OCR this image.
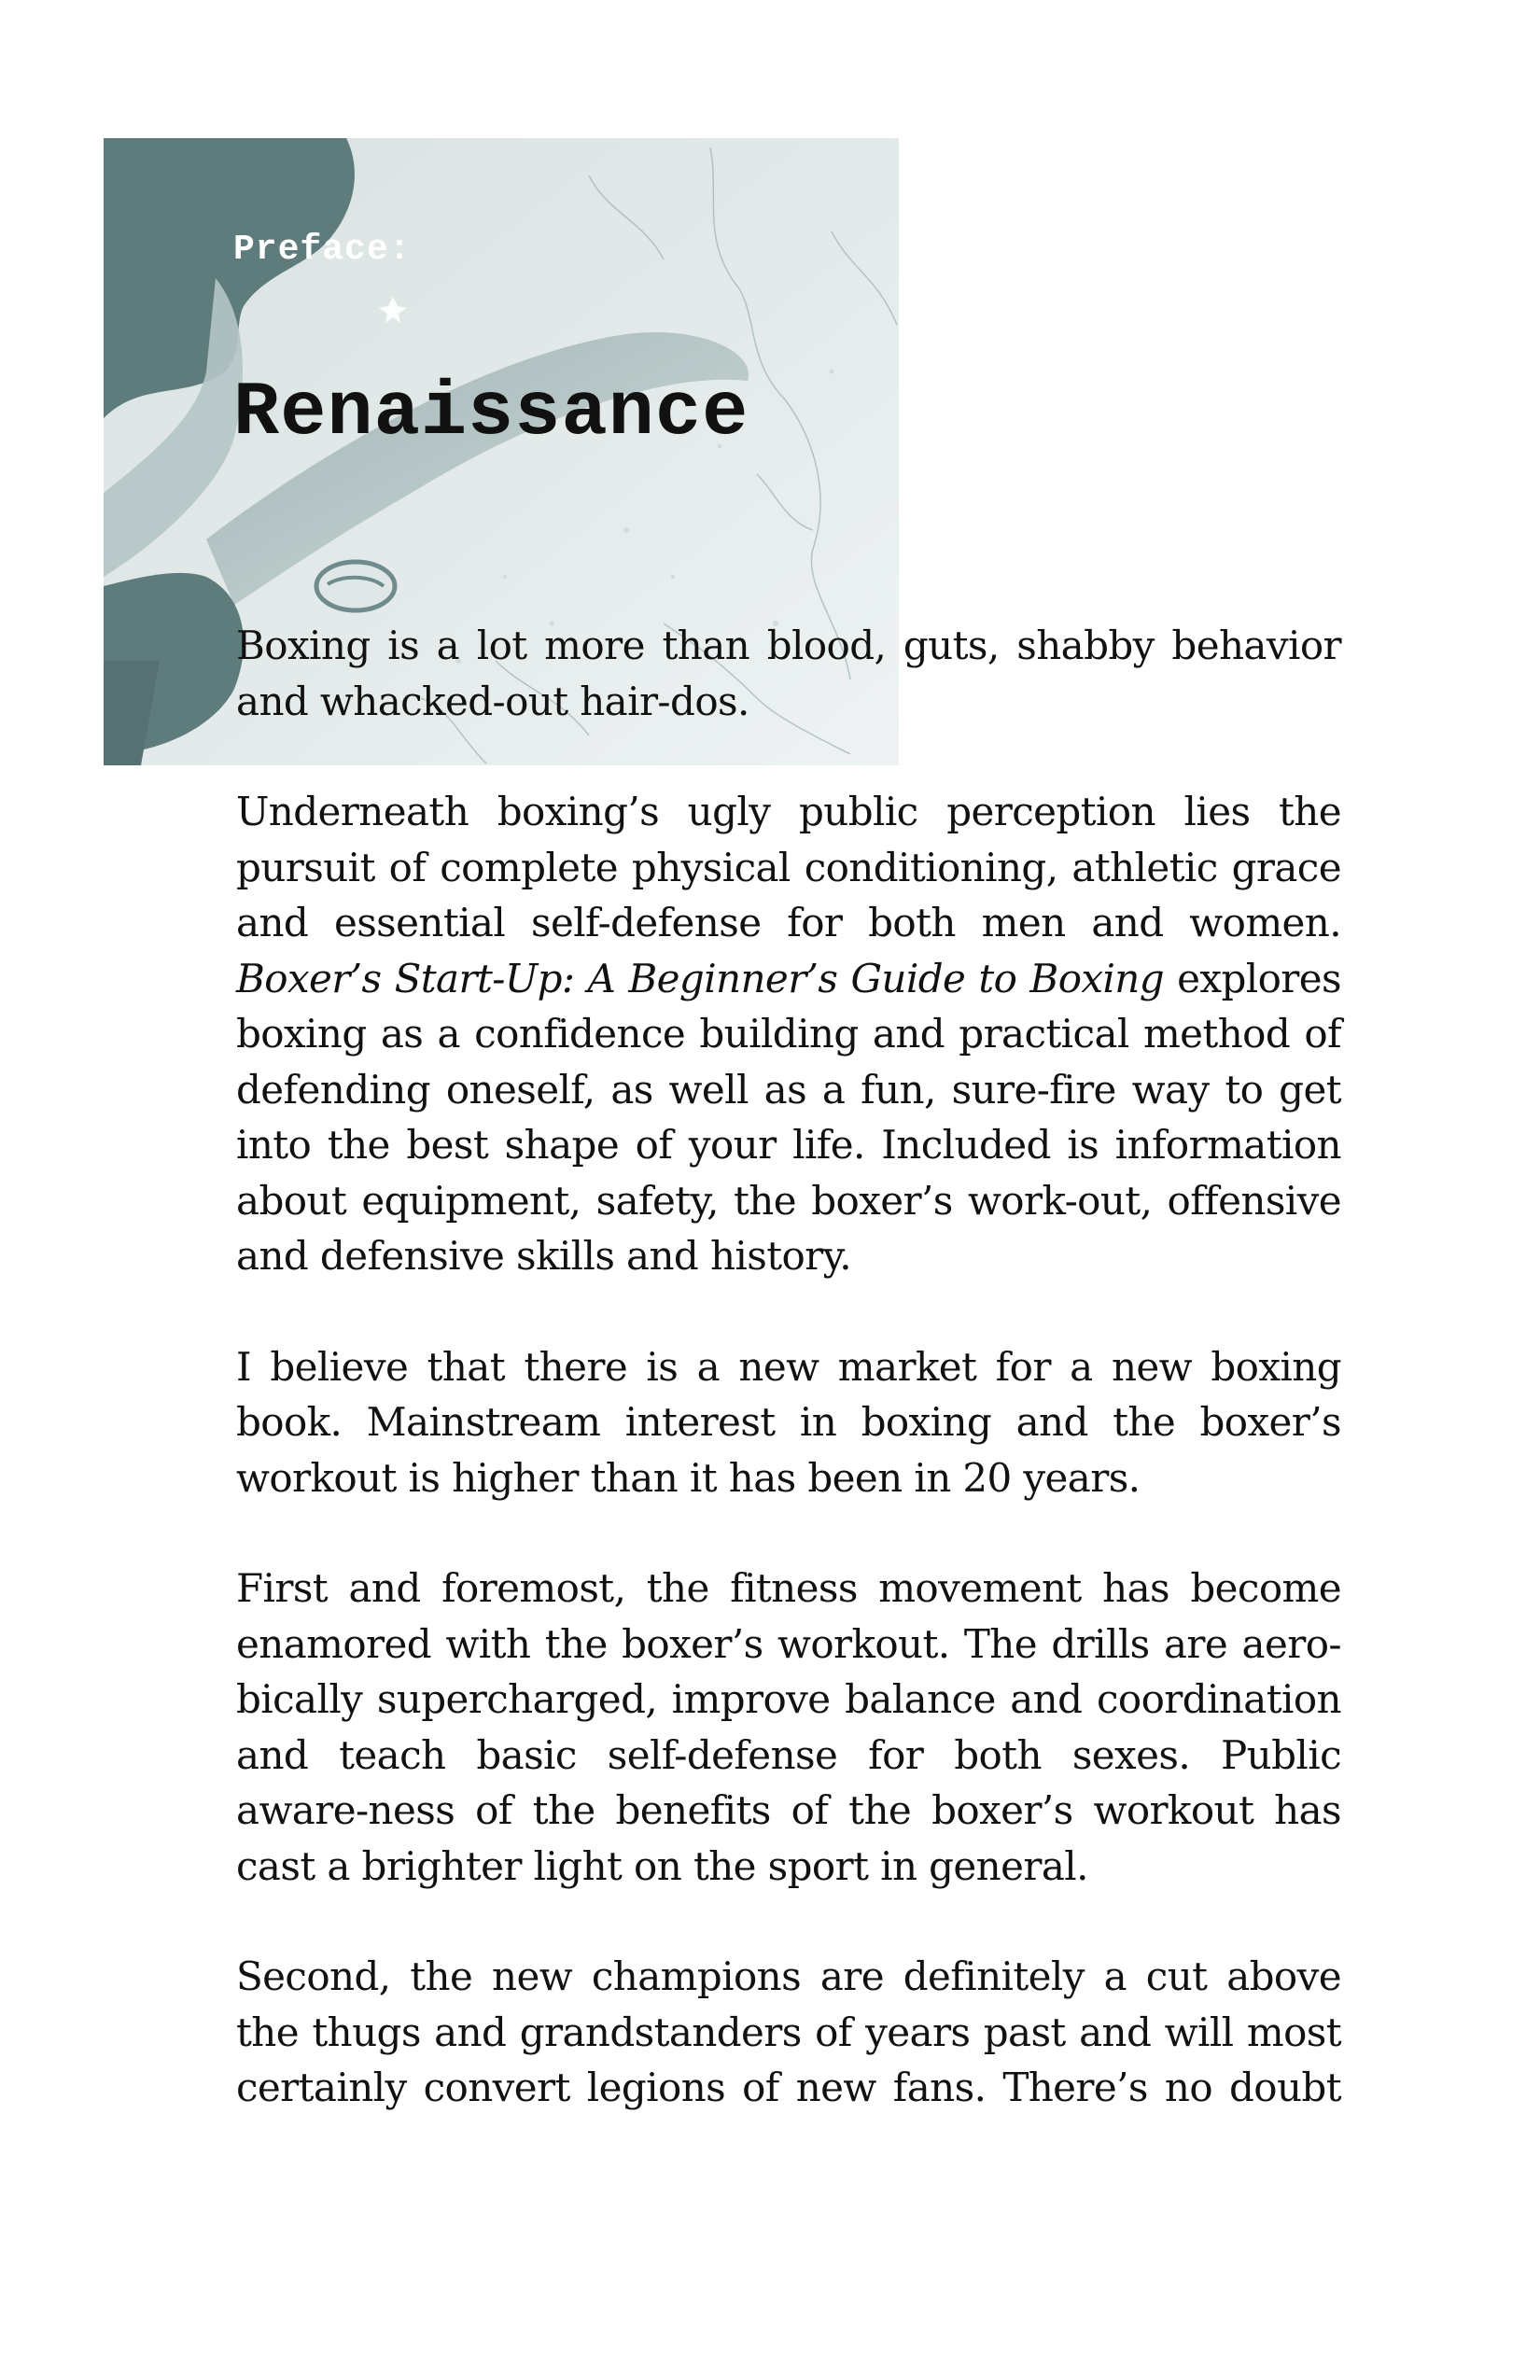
Preface:
Renaissance

Boxing is a lot more than blood, guts, shabby behavior and whacked-out hair-dos.

Underneath boxing’s ugly public perception lies the pursuit of complete physical conditioning, athletic grace and essential self-defense for both men and women. Boxer’s Start-Up: A Beginner’s Guide to Boxing explores boxing as a confidence building and practical method of defending oneself, as well as a fun, sure-fire way to get into the best shape of your life. Included is information about equipment, safety, the boxer’s work-out, offensive and defensive skills and history.

I believe that there is a new market for a new boxing book. Mainstream interest in boxing and the boxer’s workout is higher than it has been in 20 years.

First and foremost, the fitness movement has become enamored with the boxer’s workout. The drills are aero-bically supercharged, improve balance and coordination and teach basic self-defense for both sexes. Public aware-ness of the benefits of the boxer’s workout has cast a brighter light on the sport in general.

Second, the new champions are definitely a cut above the thugs and grandstanders of years past and will most certainly convert legions of new fans. There’s no doubt
